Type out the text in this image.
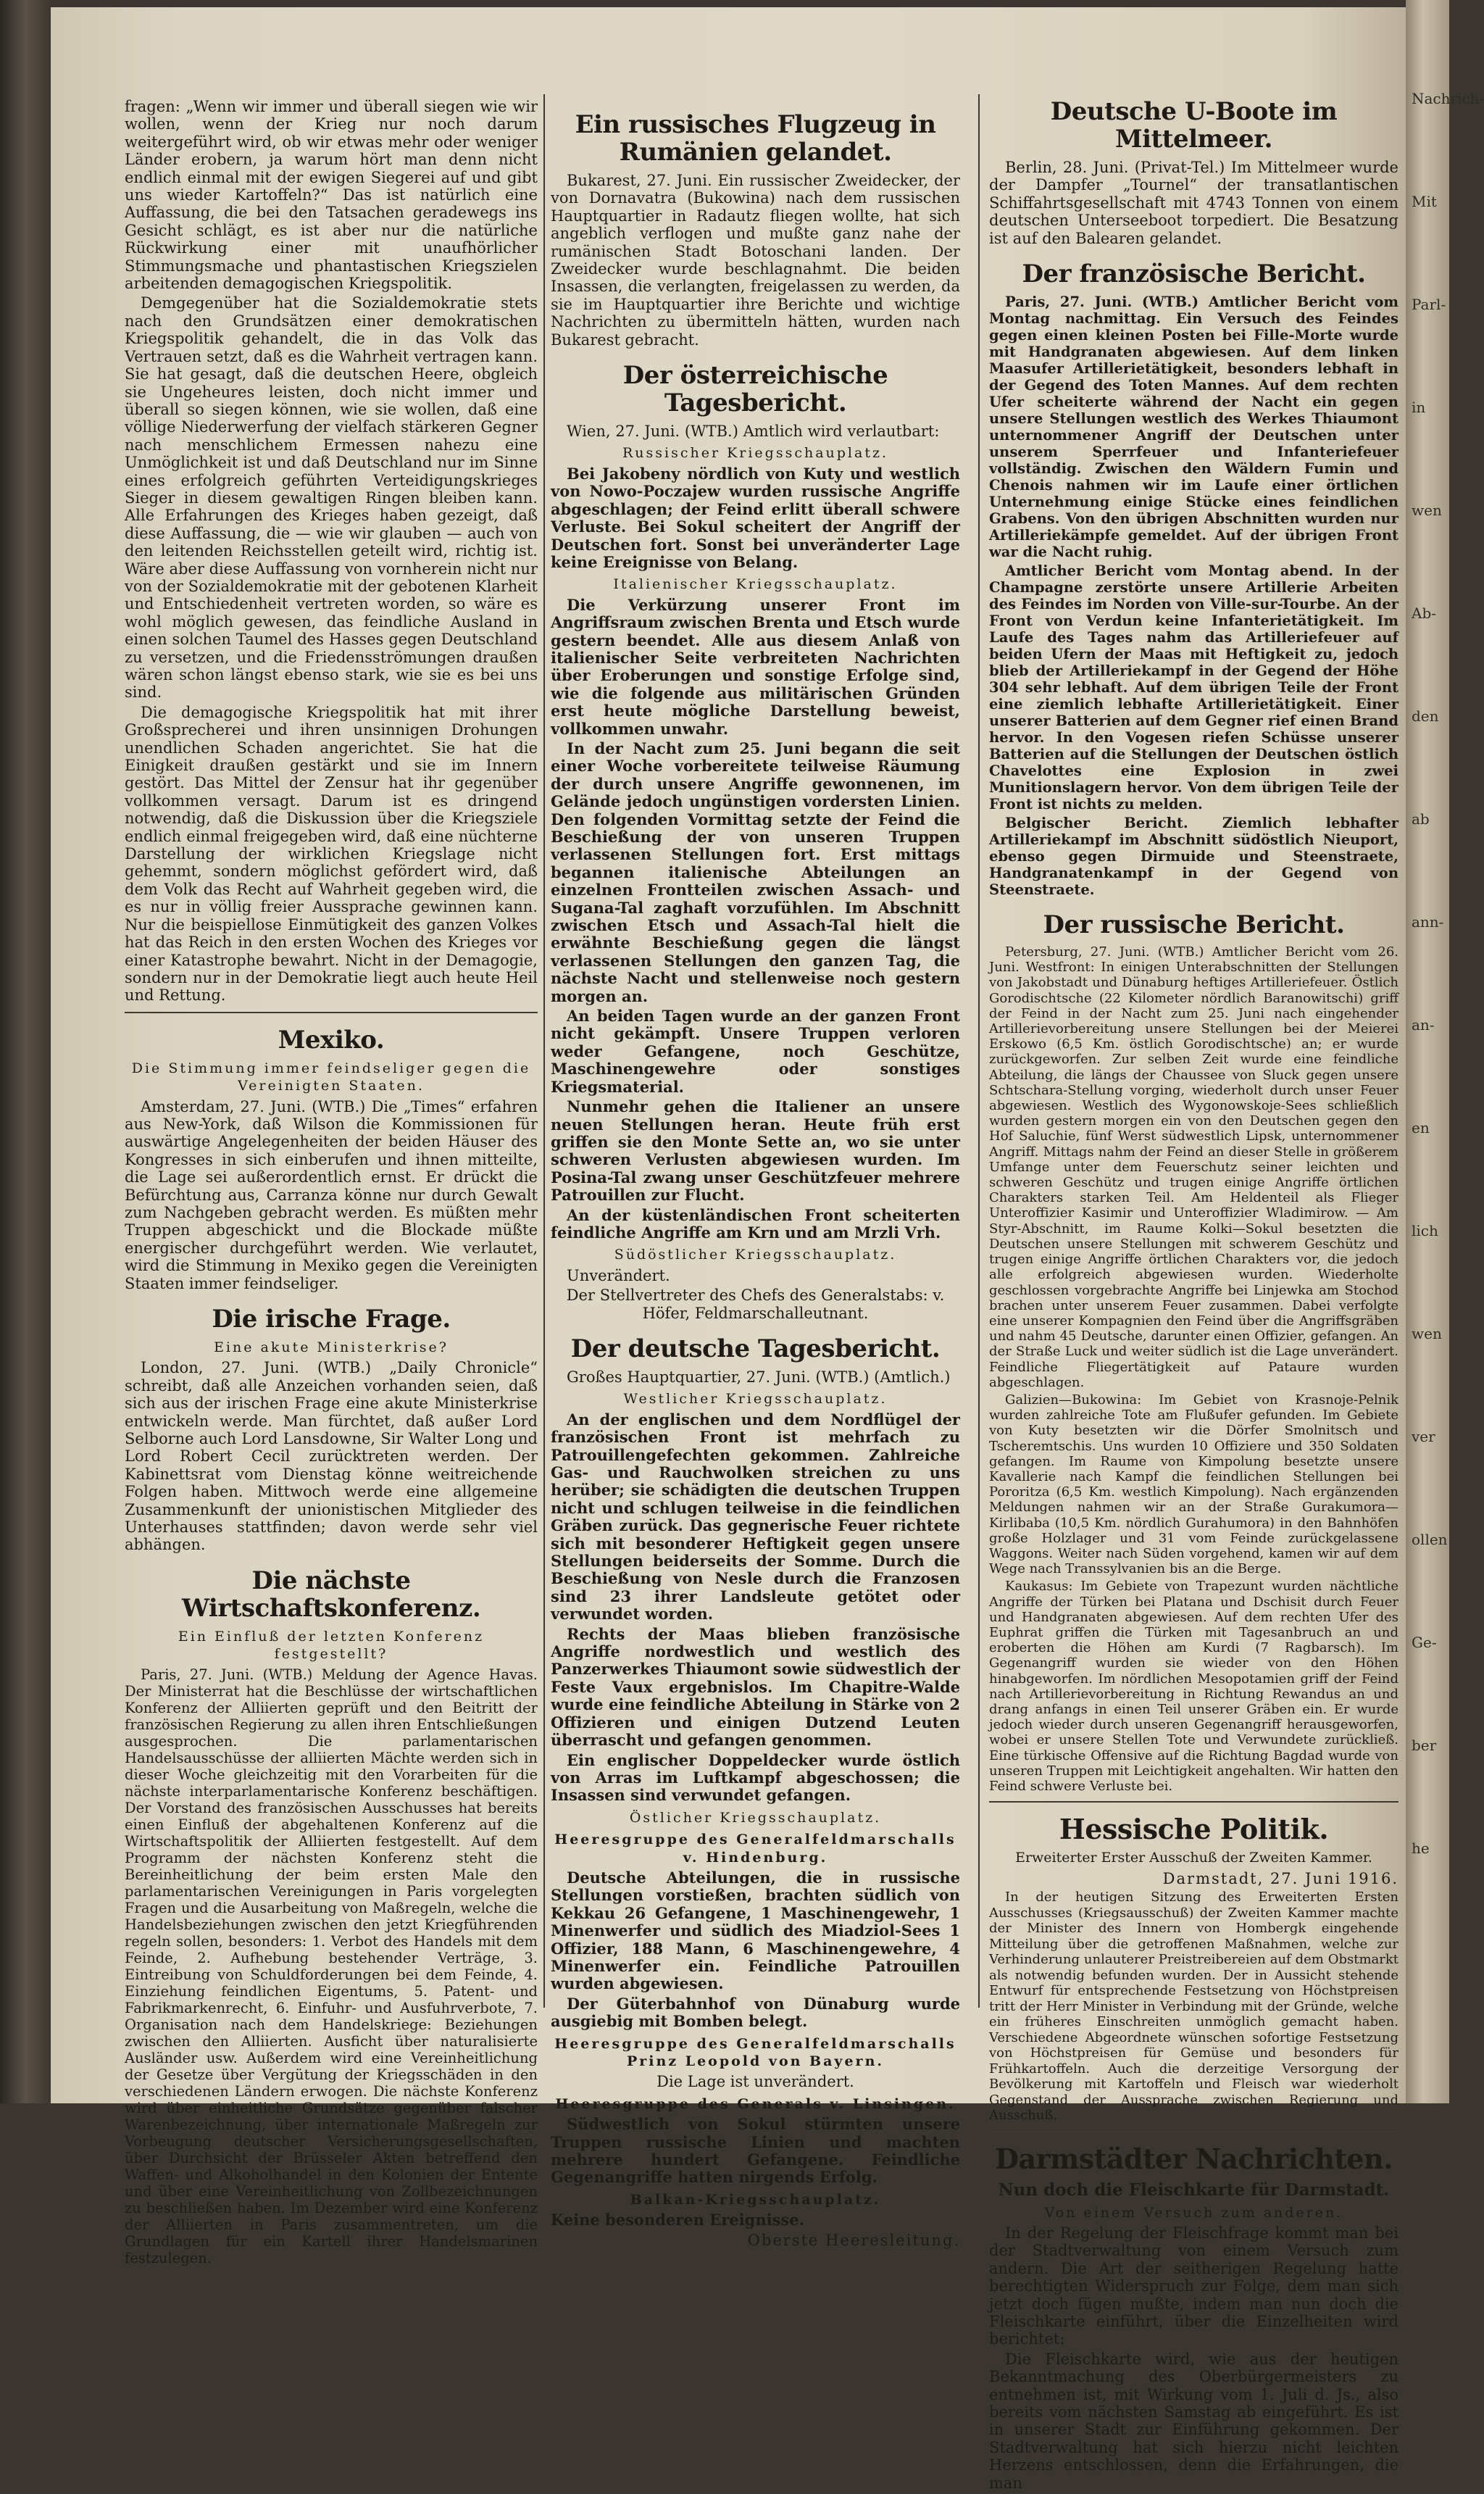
Nachrich-
Mit
Parl-
in
wen
Ab-
den
ab
ann-
an-
en
lich
wen
ver
ollen
Ge-
ber
he

fragen: „Wenn wir immer und überall siegen wie wir wollen, wenn der Krieg nur noch darum weitergeführt wird, ob wir etwas mehr oder weniger Länder erobern, ja warum hört man denn nicht endlich einmal mit der ewigen Siegerei auf und gibt uns wieder Kartoffeln?“ Das ist natürlich eine Auffassung, die bei den Tatsachen geradewegs ins Gesicht schlägt, es ist aber nur die natürliche Rückwirkung einer mit unaufhörlicher Stimmungsmache und phantastischen Kriegszielen arbeitenden demagogischen Kriegspolitik.

Demgegenüber hat die Sozialdemokratie stets nach den Grundsätzen einer demokratischen Kriegspolitik gehandelt, die in das Volk das Vertrauen setzt, daß es die Wahrheit vertragen kann. Sie hat gesagt, daß die deutschen Heere, obgleich sie Ungeheures leisten, doch nicht immer und überall so siegen können, wie sie wollen, daß eine völlige Niederwerfung der vielfach stärkeren Gegner nach menschlichem Ermessen nahezu eine Unmöglichkeit ist und daß Deutschland nur im Sinne eines erfolgreich geführten Verteidigungskrieges Sieger in diesem gewaltigen Ringen bleiben kann. Alle Erfahrungen des Krieges haben gezeigt, daß diese Auffassung, die — wie wir glauben — auch von den leitenden Reichsstellen geteilt wird, richtig ist. Wäre aber diese Auffassung von vornherein nicht nur von der Sozialdemokratie mit der gebotenen Klarheit und Entschiedenheit vertreten worden, so wäre es wohl möglich gewesen, das feindliche Ausland in einen solchen Taumel des Hasses gegen Deutschland zu versetzen, und die Friedensströmungen draußen wären schon längst ebenso stark, wie sie es bei uns sind.

Die demagogische Kriegspolitik hat mit ihrer Großsprecherei und ihren unsinnigen Drohungen unendlichen Schaden angerichtet. Sie hat die Einigkeit draußen gestärkt und sie im Innern gestört. Das Mittel der Zensur hat ihr gegenüber vollkommen versagt. Darum ist es dringend notwendig, daß die Diskussion über die Kriegsziele endlich einmal freigegeben wird, daß eine nüchterne Darstellung der wirklichen Kriegslage nicht gehemmt, sondern möglichst gefördert wird, daß dem Volk das Recht auf Wahrheit gegeben wird, die es nur in völlig freier Aussprache gewinnen kann. Nur die beispiellose Einmütigkeit des ganzen Volkes hat das Reich in den ersten Wochen des Krieges vor einer Katastrophe bewahrt. Nicht in der Demagogie, sondern nur in der Demokratie liegt auch heute Heil und Rettung.

Mexiko.
Die Stimmung immer feindseliger gegen die Vereinigten Staaten.

Amsterdam, 27. Juni. (WTB.) Die „Times“ erfahren aus New-York, daß Wilson die Kommissionen für auswärtige Angelegenheiten der beiden Häuser des Kongresses in sich einberufen und ihnen mitteilte, die Lage sei außerordentlich ernst. Er drückt die Befürchtung aus, Carranza könne nur durch Gewalt zum Nachgeben gebracht werden. Es müßten mehr Truppen abgeschickt und die Blockade müßte energischer durchgeführt werden. Wie verlautet, wird die Stimmung in Mexiko gegen die Vereinigten Staaten immer feindseliger.

Die irische Frage.
Eine akute Ministerkrise?

London, 27. Juni. (WTB.) „Daily Chronicle“ schreibt, daß alle Anzeichen vorhanden seien, daß sich aus der irischen Frage eine akute Ministerkrise entwickeln werde. Man fürchtet, daß außer Lord Selborne auch Lord Lansdowne, Sir Walter Long und Lord Robert Cecil zurücktreten werden. Der Kabinettsrat vom Dienstag könne weitreichende Folgen haben. Mittwoch werde eine allgemeine Zusammenkunft der unionistischen Mitglieder des Unterhauses stattfinden; davon werde sehr viel abhängen.

Die nächste Wirtschaftskonferenz.
Ein Einfluß der letzten Konferenz festgestellt?

Paris, 27. Juni. (WTB.) Meldung der Agence Havas. Der Ministerrat hat die Beschlüsse der wirtschaftlichen Konferenz der Alliierten geprüft und den Beitritt der französischen Regierung zu allen ihren Entschließungen ausgesprochen. Die parlamentarischen Handelsausschüsse der alliierten Mächte werden sich in dieser Woche gleichzeitig mit den Vorarbeiten für die nächste interparlamentarische Konferenz beschäftigen. Der Vorstand des französischen Ausschusses hat bereits einen Einfluß der abgehaltenen Konferenz auf die Wirtschaftspolitik der Alliierten festgestellt. Auf dem Programm der nächsten Konferenz steht die Bereinheitlichung der beim ersten Male den parlamentarischen Vereinigungen in Paris vorgelegten Fragen und die Ausarbeitung von Maßregeln, welche die Handelsbeziehungen zwischen den jetzt Kriegführenden regeln sollen, besonders: 1. Verbot des Handels mit dem Feinde, 2. Aufhebung bestehender Verträge, 3. Eintreibung von Schuldforderungen bei dem Feinde, 4. Einziehung feindlichen Eigentums, 5. Patent- und Fabrikmarkenrecht, 6. Einfuhr- und Ausfuhrverbote, 7. Organisation nach dem Handelskriege: Beziehungen zwischen den Alliierten. Ausficht über naturalisierte Ausländer usw. Außerdem wird eine Vereinheitlichung der Gesetze über Vergütung der Kriegsschäden in den verschiedenen Ländern erwogen. Die nächste Konferenz wird über einheitliche Grundsätze gegenüber falscher Warenbezeichnung, über internationale Maßregeln zur Vorbeugung deutscher Versicherungsgesellschaften, über Durchsicht der Brüsseler Akten betreffend den Waffen- und Alkoholhandel in den Kolonien der Entente und über eine Vereinheitlichung von Zollbezeichnungen zu beschließen haben. Im Dezember wird eine Konferenz der Alliierten in Paris zusammentreten, um die Grundlagen für ein Kartell ihrer Handelsmarinen festzulegen.

Ein russisches Flugzeug in Rumänien gelandet.

Bukarest, 27. Juni. Ein russischer Zweidecker, der von Dornavatra (Bukowina) nach dem russischen Hauptquartier in Radautz fliegen wollte, hat sich angeblich verflogen und mußte ganz nahe der rumänischen Stadt Botoschani landen. Der Zweidecker wurde beschlagnahmt. Die beiden Insassen, die verlangten, freigelassen zu werden, da sie im Hauptquartier ihre Berichte und wichtige Nachrichten zu übermitteln hätten, wurden nach Bukarest gebracht.

Der österreichische Tagesbericht.

Wien, 27. Juni. (WTB.) Amtlich wird verlautbart:

Russischer Kriegsschauplatz.

Bei Jakobeny nördlich von Kuty und westlich von Nowo-Poczajew wurden russische Angriffe abgeschlagen; der Feind erlitt überall schwere Verluste. Bei Sokul scheitert der Angriff der Deutschen fort. Sonst bei unveränderter Lage keine Ereignisse von Belang.

Italienischer Kriegsschauplatz.

Die Verkürzung unserer Front im Angriffsraum zwischen Brenta und Etsch wurde gestern beendet. Alle aus diesem Anlaß von italienischer Seite verbreiteten Nachrichten über Eroberungen und sonstige Erfolge sind, wie die folgende aus militärischen Gründen erst heute mögliche Darstellung beweist, vollkommen unwahr.

In der Nacht zum 25. Juni begann die seit einer Woche vorbereitete teilweise Räumung der durch unsere Angriffe gewonnenen, im Gelände jedoch ungünstigen vordersten Linien. Den folgenden Vormittag setzte der Feind die Beschießung der von unseren Truppen verlassenen Stellungen fort. Erst mittags begannen italienische Abteilungen an einzelnen Frontteilen zwischen Assach- und Sugana-Tal zaghaft vorzufühlen. Im Abschnitt zwischen Etsch und Assach-Tal hielt die erwähnte Beschießung gegen die längst verlassenen Stellungen den ganzen Tag, die nächste Nacht und stellenweise noch gestern morgen an.

An beiden Tagen wurde an der ganzen Front nicht gekämpft. Unsere Truppen verloren weder Gefangene, noch Geschütze, Maschinengewehre oder sonstiges Kriegsmaterial.

Nunmehr gehen die Italiener an unsere neuen Stellungen heran. Heute früh erst griffen sie den Monte Sette an, wo sie unter schweren Verlusten abgewiesen wurden. Im Posina-Tal zwang unser Geschützfeuer mehrere Patrouillen zur Flucht.

An der küstenländischen Front scheiterten feindliche Angriffe am Krn und am Mrzli Vrh.

Südöstlicher Kriegsschauplatz.

Unverändert.

Der Stellvertreter des Chefs des Generalstabs: v. Höfer, Feldmarschalleutnant.

Der deutsche Tagesbericht.

Großes Hauptquartier, 27. Juni. (WTB.) (Amtlich.)

Westlicher Kriegsschauplatz.

An der englischen und dem Nordflügel der französischen Front ist mehrfach zu Patrouillengefechten gekommen. Zahlreiche Gas- und Rauchwolken streichen zu uns herüber; sie schädigten die deutschen Truppen nicht und schlugen teilweise in die feindlichen Gräben zurück. Das gegnerische Feuer richtete sich mit besonderer Heftigkeit gegen unsere Stellungen beiderseits der Somme. Durch die Beschießung von Nesle durch die Franzosen sind 23 ihrer Landsleute getötet oder verwundet worden.

Rechts der Maas blieben französische Angriffe nordwestlich und westlich des Panzerwerkes Thiaumont sowie südwestlich der Feste Vaux ergebnislos. Im Chapitre-Walde wurde eine feindliche Abteilung in Stärke von 2 Offizieren und einigen Dutzend Leuten überrascht und gefangen genommen.

Ein englischer Doppeldecker wurde östlich von Arras im Luftkampf abgeschossen; die Insassen sind verwundet gefangen.

Östlicher Kriegsschauplatz.
Heeresgruppe des Generalfeldmarschalls v. Hindenburg.

Deutsche Abteilungen, die in russische Stellungen vorstießen, brachten südlich von Kekkau 26 Gefangene, 1 Maschinengewehr, 1 Minenwerfer und südlich des Miadziol-Sees 1 Offizier, 188 Mann, 6 Maschinengewehre, 4 Minenwerfer ein. Feindliche Patrouillen wurden abgewiesen.

Der Güterbahnhof von Dünaburg wurde ausgiebig mit Bomben belegt.

Heeresgruppe des Generalfeldmarschalls Prinz Leopold von Bayern.

Die Lage ist unverändert.

Heeresgruppe des Generals v. Linsingen.

Südwestlich von Sokul stürmten unsere Truppen russische Linien und machten mehrere hundert Gefangene. Feindliche Gegenangriffe hatten nirgends Erfolg.

Balkan-Kriegsschauplatz.

Keine besonderen Ereignisse.

Oberste Heeresleitung.

Deutsche U-Boote im Mittelmeer.

Berlin, 28. Juni. (Privat-Tel.) Im Mittelmeer wurde der Dampfer „Tournel“ der transatlantischen Schiffahrtsgesellschaft mit 4743 Tonnen von einem deutschen Unterseeboot torpediert. Die Besatzung ist auf den Balearen gelandet.

Der französische Bericht.

Paris, 27. Juni. (WTB.) Amtlicher Bericht vom Montag nachmittag. Ein Versuch des Feindes gegen einen kleinen Posten bei Fille-Morte wurde mit Handgranaten abgewiesen. Auf dem linken Maasufer Artillerietätigkeit, besonders lebhaft in der Gegend des Toten Mannes. Auf dem rechten Ufer scheiterte während der Nacht ein gegen unsere Stellungen westlich des Werkes Thiaumont unternommener Angriff der Deutschen unter unserem Sperrfeuer und Infanteriefeuer vollständig. Zwischen den Wäldern Fumin und Chenois nahmen wir im Laufe einer örtlichen Unternehmung einige Stücke eines feindlichen Grabens. Von den übrigen Abschnitten wurden nur Artilleriekämpfe gemeldet. Auf der übrigen Front war die Nacht ruhig.

Amtlicher Bericht vom Montag abend. In der Champagne zerstörte unsere Artillerie Arbeiten des Feindes im Norden von Ville-sur-Tourbe. An der Front von Verdun keine Infanterietätigkeit. Im Laufe des Tages nahm das Artilleriefeuer auf beiden Ufern der Maas mit Heftigkeit zu, jedoch blieb der Artilleriekampf in der Gegend der Höhe 304 sehr lebhaft. Auf dem übrigen Teile der Front eine ziemlich lebhafte Artillerietätigkeit. Einer unserer Batterien auf dem Gegner rief einen Brand hervor. In den Vogesen riefen Schüsse unserer Batterien auf die Stellungen der Deutschen östlich Chavelottes eine Explosion in zwei Munitionslagern hervor. Von dem übrigen Teile der Front ist nichts zu melden.

Belgischer Bericht. Ziemlich lebhafter Artilleriekampf im Abschnitt südöstlich Nieuport, ebenso gegen Dirmuide und Steenstraete, Handgranatenkampf in der Gegend von Steenstraete.

Der russische Bericht.

Petersburg, 27. Juni. (WTB.) Amtlicher Bericht vom 26. Juni. Westfront: In einigen Unterabschnitten der Stellungen von Jakobstadt und Dünaburg heftiges Artilleriefeuer. Östlich Gorodischtsche (22 Kilometer nördlich Baranowitschi) griff der Feind in der Nacht zum 25. Juni nach eingehender Artillerievorbereitung unsere Stellungen bei der Meierei Erskowo (6,5 Km. östlich Gorodischtsche) an; er wurde zurückgeworfen. Zur selben Zeit wurde eine feindliche Abteilung, die längs der Chaussee von Sluck gegen unsere Schtschara-Stellung vorging, wiederholt durch unser Feuer abgewiesen. Westlich des Wygonowskoje-Sees schließlich wurden gestern morgen ein von den Deutschen gegen den Hof Saluchie, fünf Werst südwestlich Lipsk, unternommener Angriff. Mittags nahm der Feind an dieser Stelle in größerem Umfange unter dem Feuerschutz seiner leichten und schweren Geschütz und trugen einige Angriffe örtlichen Charakters starken Teil. Am Heldenteil als Flieger Unteroffizier Kasimir und Unteroffizier Wladimirow. — Am Styr-Abschnitt, im Raume Kolki—Sokul besetzten die Deutschen unsere Stellungen mit schwerem Geschütz und trugen einige Angriffe örtlichen Charakters vor, die jedoch alle erfolgreich abgewiesen wurden. Wiederholte geschlossen vorgebrachte Angriffe bei Linjewka am Stochod brachen unter unserem Feuer zusammen. Dabei verfolgte eine unserer Kompagnien den Feind über die Angriffsgräben und nahm 45 Deutsche, darunter einen Offizier, gefangen. An der Straße Luck und weiter südlich ist die Lage unverändert. Feindliche Fliegertätigkeit auf Pataure wurden abgeschlagen.

Galizien—Bukowina: Im Gebiet von Krasnoje-Pelnik wurden zahlreiche Tote am Flußufer gefunden. Im Gebiete von Kuty besetzten wir die Dörfer Smolnitsch und Tscheremtschis. Uns wurden 10 Offiziere und 350 Soldaten gefangen. Im Raume von Kimpolung besetzte unsere Kavallerie nach Kampf die feindlichen Stellungen bei Pororitza (6,5 Km. westlich Kimpolung). Nach ergänzenden Meldungen nahmen wir an der Straße Gurakumora—Kirlibaba (10,5 Km. nördlich Gurahumora) in den Bahnhöfen große Holzlager und 31 vom Feinde zurückgelassene Waggons. Weiter nach Süden vorgehend, kamen wir auf dem Wege nach Transsylvanien bis an die Berge.

Kaukasus: Im Gebiete von Trapezunt wurden nächtliche Angriffe der Türken bei Platana und Dschisit durch Feuer und Handgranaten abgewiesen. Auf dem rechten Ufer des Euphrat griffen die Türken mit Tagesanbruch an und eroberten die Höhen am Kurdi (7 Ragbarsch). Im Gegenangriff wurden sie wieder von den Höhen hinabgeworfen. Im nördlichen Mesopotamien griff der Feind nach Artillerievorbereitung in Richtung Rewandus an und drang anfangs in einen Teil unserer Gräben ein. Er wurde jedoch wieder durch unseren Gegenangriff herausgeworfen, wobei er unsere Stellen Tote und Verwundete zurückließ. Eine türkische Offensive auf die Richtung Bagdad wurde von unseren Truppen mit Leichtigkeit angehalten. Wir hatten den Feind schwere Verluste bei.

Hessische Politik.
Erweiterter Erster Ausschuß der Zweiten Kammer.

Darmstadt, 27. Juni 1916.

In der heutigen Sitzung des Erweiterten Ersten Ausschusses (Kriegsausschuß) der Zweiten Kammer machte der Minister des Innern von Hombergk eingehende Mitteilung über die getroffenen Maßnahmen, welche zur Verhinderung unlauterer Preistreibereien auf dem Obstmarkt als notwendig befunden wurden. Der in Aussicht stehende Entwurf für entsprechende Festsetzung von Höchstpreisen tritt der Herr Minister in Verbindung mit der Gründe, welche ein früheres Einschreiten unmöglich gemacht haben. Verschiedene Abgeordnete wünschen sofortige Festsetzung von Höchstpreisen für Gemüse und besonders für Frühkartoffeln. Auch die derzeitige Versorgung der Bevölkerung mit Kartoffeln und Fleisch war wiederholt Gegenstand der Aussprache zwischen Regierung und Ausschuß.

Darmstädter Nachrichten.
Nun doch die Fleischkarte für Darmstadt.
Von einem Versuch zum anderen.

In der Regelung der Fleischfrage kommt man bei der Stadtverwaltung von einem Versuch zum andern. Die Art der seitherigen Regelung hatte berechtigten Widerspruch zur Folge, dem man sich jetzt doch fügen mußte, indem man nun doch die Fleischkarte einführt, über die Einzelheiten wird berichtet:

Die Fleischkarte wird, wie aus der heutigen Bekanntmachung des Oberbürgermeisters zu entnehmen ist, mit Wirkung vom 1. Juli d. Js., also bereits vom nächsten Samstag ab eingeführt. Es ist in unserer Stadt zur Einführung gekommen. Der Stadtverwaltung hat sich hierzu nicht leichten Herzens entschlossen, denn die Erfahrungen, die man
